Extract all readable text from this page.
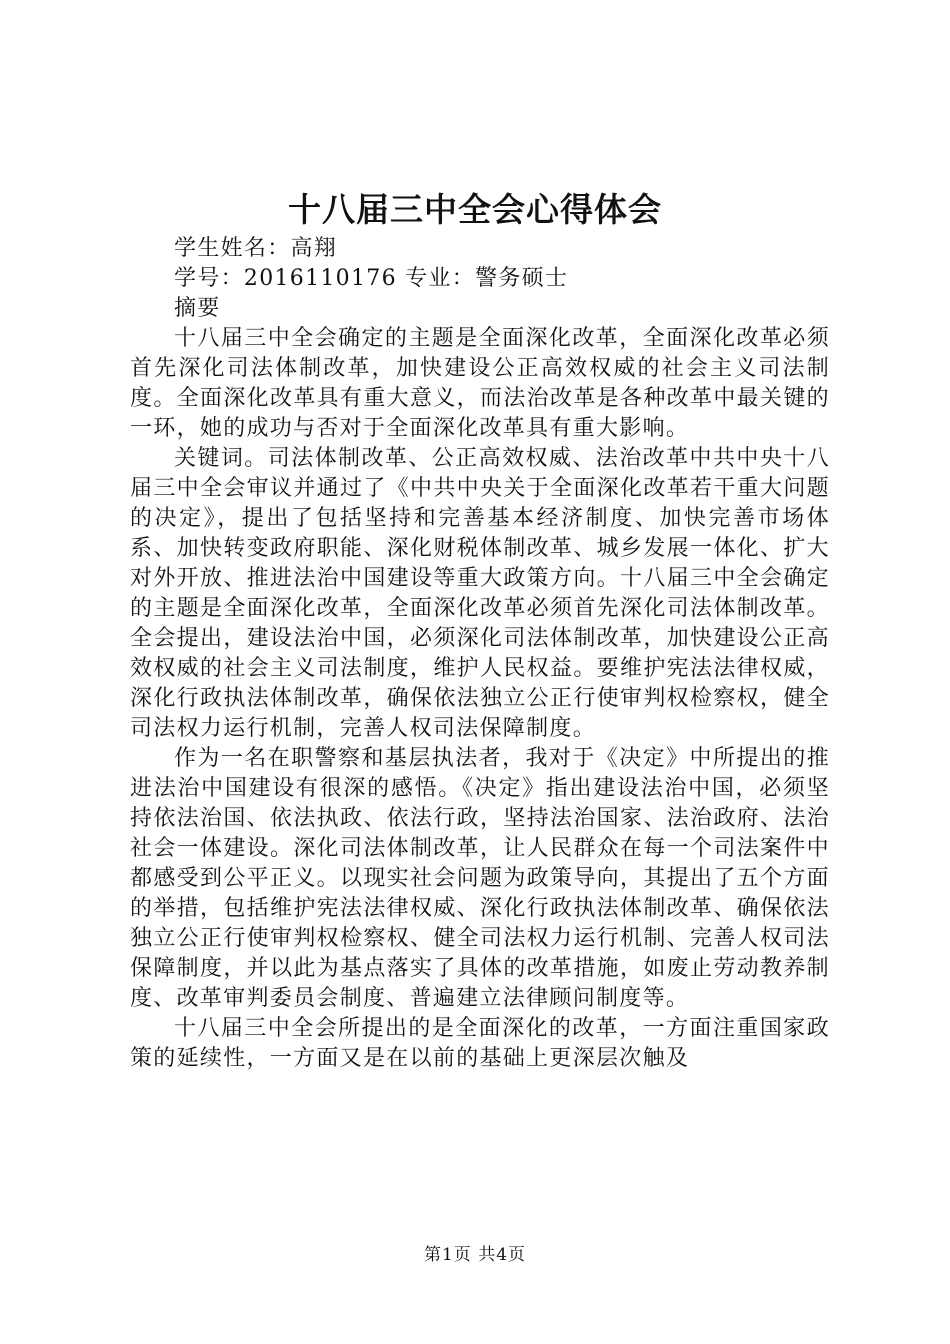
十八届三中全会心得体会

学生姓名：高翔

学号：2016110176 专业：警务硕士

摘要

十八届三中全会确定的主题是全面深化改革，全面深化改革必须首先深化司法体制改革，加快建设公正高效权威的社会主义司法制度。全面深化改革具有重大意义，而法治改革是各种改革中最关键的一环，她的成功与否对于全面深化改革具有重大影响。

关键词。司法体制改革、公正高效权威、法治改革中共中央十八届三中全会审议并通过了《中共中央关于全面深化改革若干重大问题的决定》，提出了包括坚持和完善基本经济制度、加快完善市场体系、加快转变政府职能、深化财税体制改革、城乡发展一体化、扩大对外开放、推进法治中国建设等重大政策方向。十八届三中全会确定的主题是全面深化改革，全面深化改革必须首先深化司法体制改革。全会提出，建设法治中国，必须深化司法体制改革，加快建设公正高效权威的社会主义司法制度，维护人民权益。要维护宪法法律权威，深化行政执法体制改革，确保依法独立公正行使审判权检察权，健全司法权力运行机制，完善人权司法保障制度。

作为一名在职警察和基层执法者，我对于《决定》中所提出的推进法治中国建设有很深的感悟。《决定》指出建设法治中国，必须坚持依法治国、依法执政、依法行政，坚持法治国家、法治政府、法治社会一体建设。深化司法体制改革，让人民群众在每一个司法案件中都感受到公平正义。以现实社会问题为政策导向，其提出了五个方面的举措，包括维护宪法法律权威、深化行政执法体制改革、确保依法独立公正行使审判权检察权、健全司法权力运行机制、完善人权司法保障制度，并以此为基点落实了具体的改革措施，如废止劳动教养制度、改革审判委员会制度、普遍建立法律顾问制度等。

十八届三中全会所提出的是全面深化的改革，一方面注重国家政策的延续性，一方面又是在以前的基础上更深层次触及

第1页 共4页
